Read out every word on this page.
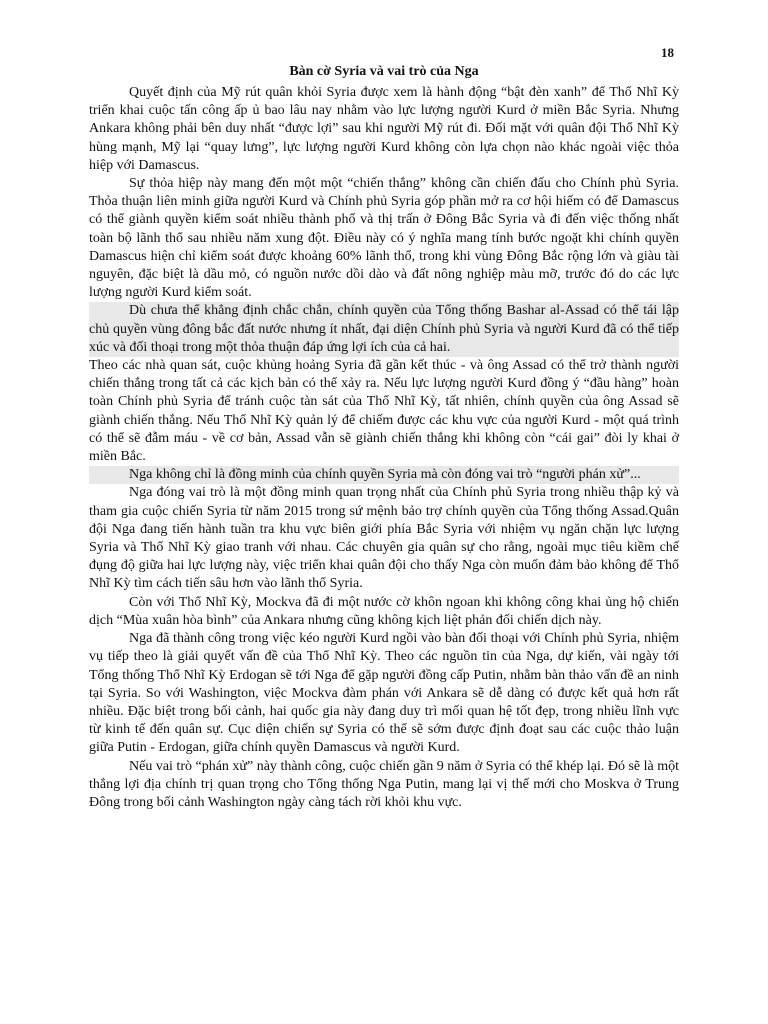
18
Bàn cờ Syria và vai trò của Nga

Quyết định của Mỹ rút quân khỏi Syria được xem là hành động “bật đèn xanh” để Thổ Nhĩ Kỳ triển khai cuộc tấn công ấp ủ bao lâu nay nhằm vào lực lượng người Kurd ở miền Bắc Syria. Nhưng Ankara không phải bên duy nhất “được lợi” sau khi người Mỹ rút đi. Đối mặt với quân đội Thổ Nhĩ Kỳ hùng mạnh, Mỹ lại “quay lưng”, lực lượng người Kurd không còn lựa chọn nào khác ngoài việc thỏa hiệp với Damascus.

Sự thỏa hiệp này mang đến một một “chiến thắng” không cần chiến đấu cho Chính phủ Syria. Thỏa thuận liên minh giữa người Kurd và Chính phủ Syria góp phần mở ra cơ hội hiếm có để Damascus có thể giành quyền kiểm soát nhiều thành phố và thị trấn ở Đông Bắc Syria và đi đến việc thống nhất toàn bộ lãnh thổ sau nhiều năm xung đột. Điều này có ý nghĩa mang tính bước ngoặt khi chính quyền Damascus hiện chỉ kiểm soát được khoảng 60% lãnh thổ, trong khi vùng Đông Bắc rộng lớn và giàu tài nguyên, đặc biệt là dầu mỏ, có nguồn nước dồi dào và đất nông nghiệp màu mỡ, trước đó do các lực lượng người Kurd kiểm soát.

Dù chưa thể khẳng định chắc chắn, chính quyền của Tổng thống Bashar al-Assad có thể tái lập chủ quyền vùng đông bắc đất nước nhưng ít nhất, đại diện Chính phủ Syria và người Kurd đã có thể tiếp xúc và đối thoại trong một thỏa thuận đáp ứng lợi ích của cả hai.

Theo các nhà quan sát, cuộc khủng hoảng Syria đã gần kết thúc - và ông Assad có thể trở thành người chiến thắng trong tất cả các kịch bản có thể xảy ra. Nếu lực lượng người Kurd đồng ý “đầu hàng” hoàn toàn Chính phủ Syria để tránh cuộc tàn sát của Thổ Nhĩ Kỳ, tất nhiên, chính quyền của ông Assad sẽ giành chiến thắng. Nếu Thổ Nhĩ Kỳ quản lý để chiếm được các khu vực của người Kurd - một quá trình có thể sẽ đẫm máu - về cơ bản, Assad vẫn sẽ giành chiến thắng khi không còn “cái gai” đòi ly khai ở miền Bắc.

Nga không chỉ là đồng minh của chính quyền Syria mà còn đóng vai trò “người phán xử”...

Nga đóng vai trò là một đồng minh quan trọng nhất của Chính phủ Syria trong nhiều thập kỷ và tham gia cuộc chiến Syria từ năm 2015 trong sứ mệnh bảo trợ chính quyền của Tổng thống Assad.Quân đội Nga đang tiến hành tuần tra khu vực biên giới phía Bắc Syria với nhiệm vụ ngăn chặn lực lượng Syria và Thổ Nhĩ Kỳ giao tranh với nhau. Các chuyên gia quân sự cho rằng, ngoài mục tiêu kiềm chế đụng độ giữa hai lực lượng này, việc triển khai quân đội cho thấy Nga còn muốn đảm bảo không để Thổ Nhĩ Kỳ tìm cách tiến sâu hơn vào lãnh thổ Syria.

Còn với Thổ Nhĩ Kỳ, Mockva đã đi một nước cờ khôn ngoan khi không công khai ủng hộ chiến dịch “Mùa xuân hòa bình” của Ankara nhưng cũng không kịch liệt phản đối chiến dịch này.

Nga đã thành công trong việc kéo người Kurd ngồi vào bàn đối thoại với Chính phủ Syria, nhiệm vụ tiếp theo là giải quyết vấn đề của Thổ Nhĩ Kỳ. Theo các nguồn tin của Nga, dự kiến, vài ngày tới Tổng thống Thổ Nhĩ Kỳ Erdogan sẽ tới Nga để gặp người đồng cấp Putin, nhằm bàn thảo vấn đề an ninh tại Syria. So với Washington, việc Mockva đàm phán với Ankara sẽ dễ dàng có được kết quả hơn rất nhiều. Đặc biệt trong bối cảnh, hai quốc gia này đang duy trì mối quan hệ tốt đẹp, trong nhiều lĩnh vực từ kinh tế đến quân sự. Cục diện chiến sự Syria có thể sẽ sớm được định đoạt sau các cuộc thảo luận giữa Putin - Erdogan, giữa chính quyền Damascus và người Kurd.

Nếu vai trò “phán xử” này thành công, cuộc chiến gần 9 năm ở Syria có thể khép lại. Đó sẽ là một thắng lợi địa chính trị quan trọng cho Tổng thống Nga Putin, mang lại vị thế mới cho Moskva ở Trung Đông trong bối cảnh Washington ngày càng tách rời khỏi khu vực.
